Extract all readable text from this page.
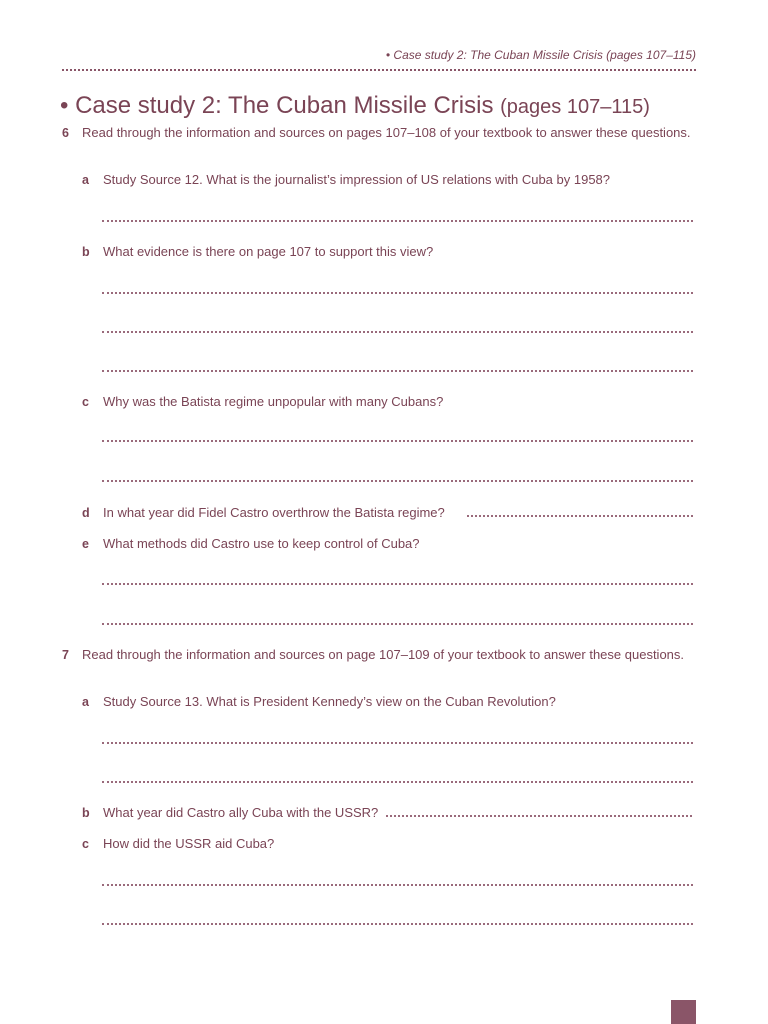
• Case study 2: The Cuban Missile Crisis (pages 107–115)
• Case study 2: The Cuban Missile Crisis (pages 107–115)
6 Read through the information and sources on pages 107–108 of your textbook to answer these questions.
a Study Source 12. What is the journalist’s impression of US relations with Cuba by 1958?
b What evidence is there on page 107 to support this view?
c Why was the Batista regime unpopular with many Cubans?
d In what year did Fidel Castro overthrow the Batista regime?
e What methods did Castro use to keep control of Cuba?
7 Read through the information and sources on page 107–109 of your textbook to answer these questions.
a Study Source 13. What is President Kennedy’s view on the Cuban Revolution?
b What year did Castro ally Cuba with the USSR?
c How did the USSR aid Cuba?
